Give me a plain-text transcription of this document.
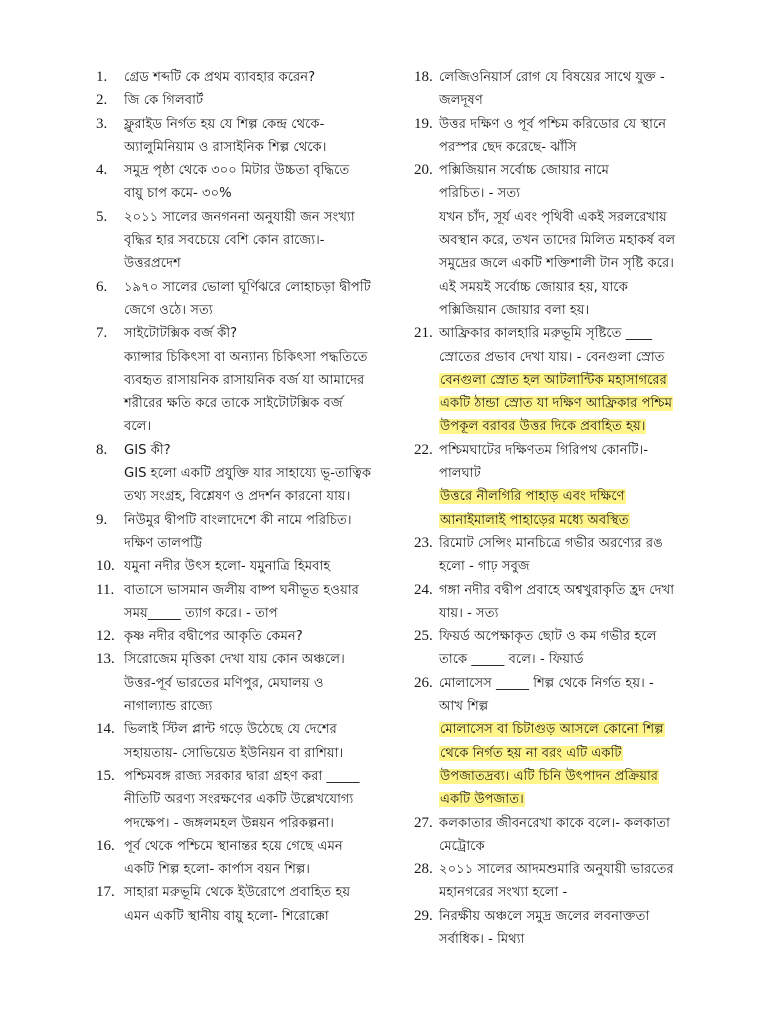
1.	গ্রেড শব্দটি কে প্রথম ব্যাবহার করেন?
2.	জি কে গিলবার্ট
3.	ফ্লুরাইড নির্গত হয় যে শিল্প কেন্দ্র থেকে-
অ্যালুমিনিয়াম ও রাসাইনিক শিল্প থেকে।
4.	সমুদ্র পৃষ্ঠা থেকে ৩০০ মিটার উচ্চতা বৃদ্ধিতে
বায়ু চাপ কমে- ৩০%
5.	২০১১ সালের জনগননা অনুযায়ী জন সংখ্যা
বৃদ্ধির হার সবচেয়ে বেশি কোন রাজ্যে।-
উত্তরপ্রদেশ
6.	১৯৭০ সালের ভোলা ঘূর্ণিঝরে লোহাচড়া দ্বীপটি
জেগে ওঠে। সত্য
7.	সাইটোটক্সিক বর্জ কী?
ক্যান্সার চিকিৎসা বা অন্যান্য চিকিৎসা পদ্ধতিতে
ব্যবহৃত রাসায়নিক রাসায়নিক বর্জ যা আমাদের
শরীরের ক্ষতি করে তাকে সাইটোটক্সিক বর্জ
বলে।
8.	GIS কী?
GIS হলো একটি প্রযুক্তি যার সাহায্যে ভূ-তাত্বিক
তথ্য সংগ্রহ, বিশ্লেষণ ও প্রদর্শন কারনো যায়।
9.	নিউমুর দ্বীপটি বাংলাদেশে কী নামে পরিচিত।
দক্ষিণ তালপট্টি
10. যমুনা নদীর উৎস হলো- যমুনাত্রি হিমবাহ
11. বাতাসে ভাসমান জলীয় বাষ্প ঘনীভূত হওয়ার
সময়_____ ত্যাগ করে। - তাপ
12. কৃষ্ণ নদীর বদ্বীপের আকৃতি কেমন?
13. সিরোজেম মৃত্তিকা দেখা যায় কোন অঞ্চলে।
উত্তর-পূর্ব ভারতের মণিপুর, মেঘালয় ও
নাগাল্যান্ড রাজ্যে
14. ভিলাই স্টিল প্লান্ট গড়ে উঠেছে যে দেশের
সহায়তায়- সোভিয়েত ইউনিয়ন বা রাশিয়া।
15. পশ্চিমবঙ্গ রাজ্য সরকার দ্বারা গ্রহণ করা _____
নীতিটি অরণ্য সংরক্ষণের একটি উল্লেখযোগ্য
পদক্ষেপ। - জঙ্গলমহল উন্নয়ন পরিকল্পনা।
16. পূর্ব থেকে পশ্চিমে স্থানান্তর হয়ে গেছে এমন
একটি শিল্প হলো- কার্পাস বয়ন শিল্প।
17. সাহারা মরুভূমি থেকে ইউরোপে প্রবাহিত হয়
এমন একটি স্থানীয় বায়ু হলো- শিরোক্কো
18. লেজিওনিয়ার্স রোগ যে বিষয়ের সাথে যুক্ত -
জলদূষণ
19. উত্তর দক্ষিণ ও পূর্ব পশ্চিম করিডোর যে স্থানে
পরস্পর ছেদ করেছে- ঝাঁসি
20. পক্সিজিয়ান সর্বোচ্চ জোয়ার নামে
পরিচিত। - সত্য
যখন চাঁদ, সূর্য এবং পৃথিবী একই সরলরেখায়
অবস্থান করে, তখন তাদের মিলিত মহাকর্ষ বল
সমুদ্রের জলে একটি শক্তিশালী টান সৃষ্টি করে।
এই সময়ই সর্বোচ্চ জোয়ার হয়, যাকে
পক্সিজিয়ান জোয়ার বলা হয়।
21. আফ্রিকার কালহারি মরুভূমি সৃষ্টিতে ____
স্রোতের প্রভাব দেখা যায়। - বেনগুলা স্রোত
বেনগুলা স্রোত হল আটলান্টিক মহাসাগরের
একটি ঠান্ডা স্রোত যা দক্ষিণ আফ্রিকার পশ্চিম
উপকূল বরাবর উত্তর দিকে প্রবাহিত হয়।
22. পশ্চিমঘাটের দক্ষিণতম গিরিপথ কোনটি।-
পালঘাট
উত্তরে নীলগিরি পাহাড় এবং দক্ষিণে
আনাইমালাই পাহাড়ের মধ্যে অবস্থিত
23. রিমোট সেন্সিং মানচিত্রে গভীর অরণ্যের রঙ
হলো - গাঢ় সবুজ
24. গঙ্গা নদীর বদ্বীপ প্রবাহে অশ্বখুরাকৃতি হ্রদ দেখা
যায়। - সত্য
25. ফিয়র্ড অপেক্ষাকৃত ছোট ও কম গভীর হলে
তাকে _____ বলে। - ফিয়ার্ড
26. মোলাসেস _____ শিল্প থেকে নির্গত হয়। -
আখ শিল্প
মোলাসেস বা চিটাগুড় আসলে কোনো শিল্প
থেকে নির্গত হয় না বরং এটি একটি
উপজাতদ্রব্য। এটি চিনি উৎপাদন প্রক্রিয়ার
একটি উপজাত।
27. কলকাতার জীবনরেখা কাকে বলে।- কলকাতা
মেট্রোকে
28. ২০১১ সালের আদমশুমারি অনুযায়ী ভারতের
মহানগরের সংখ্যা হলো -
29. নিরক্ষীয় অঞ্চলে সমুদ্র জলের লবনাক্ততা
সর্বাধিক। - মিথ্যা
